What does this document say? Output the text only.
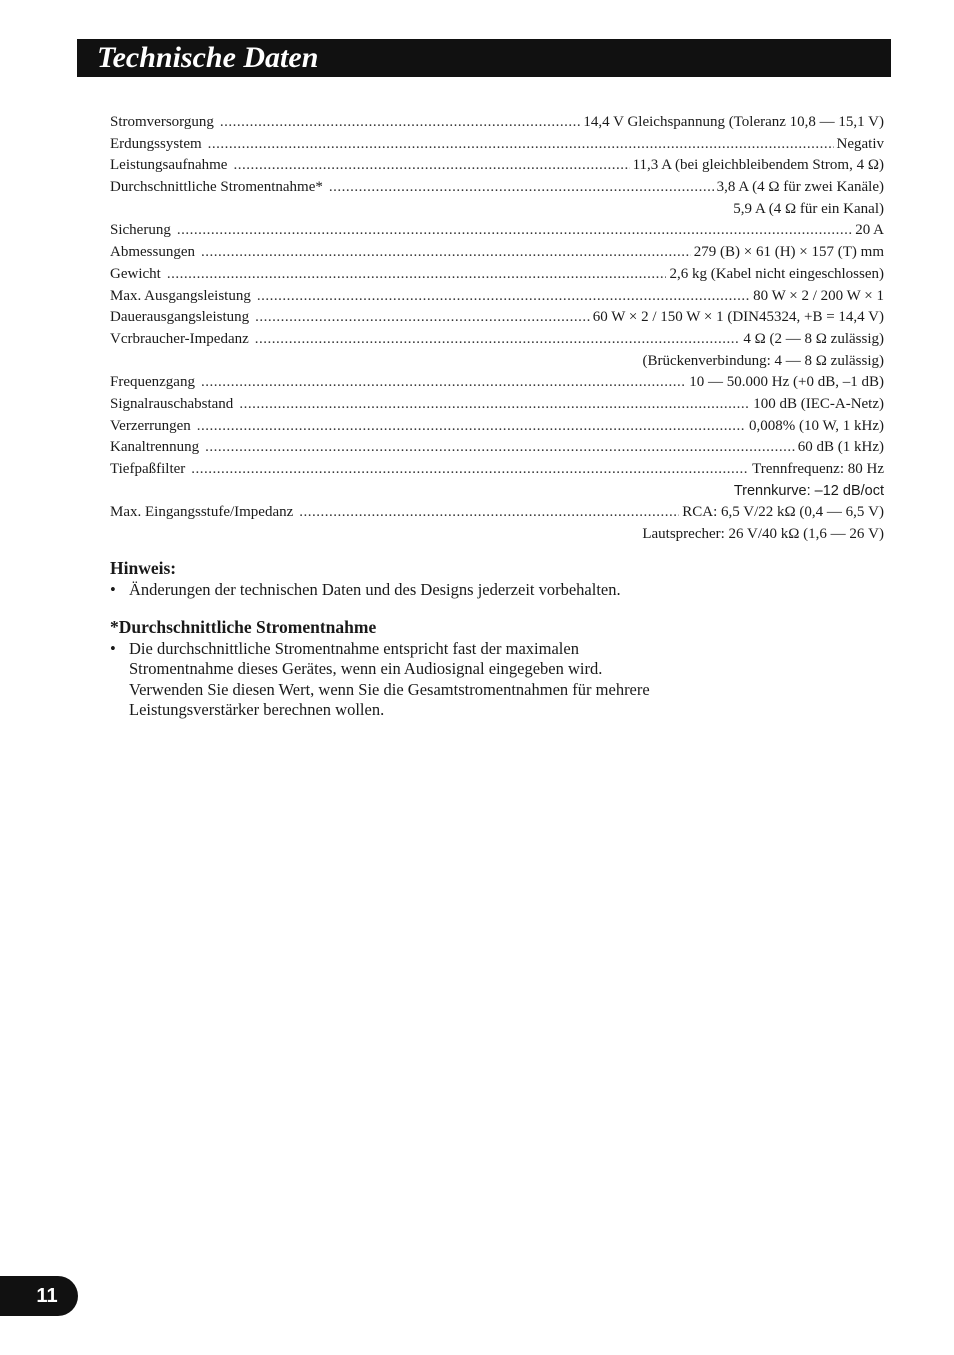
Technische Daten
Stromversorgung .....	14,4 V Gleichspannung (Toleranz 10,8 — 15,1 V)
Erdungssystem .....	Negativ
Leistungsaufnahme .....	11,3 A (bei gleichbleibendem Strom, 4 Ω)
Durchschnittliche Stromentnahme* .....	3,8 A (4 Ω für zwei Kanäle)
5,9 A (4 Ω für ein Kanal)
Sicherung .....	20 A
Abmessungen .....	279 (B) × 61 (H) × 157 (T) mm
Gewicht .....	2,6 kg (Kabel nicht eingeschlossen)
Max. Ausgangsleistung .....	80 W × 2 / 200 W × 1
Dauerausgangsleistung .....	60 W × 2 / 150 W × 1 (DIN45324, +B = 14,4 V)
Vcrbraucher-Impedanz .....	4 Ω (2 — 8 Ω zulässig)
(Brückenverbindung: 4 — 8 Ω zulässig)
Frequenzgang .....	10 — 50.000 Hz (+0 dB, –1 dB)
Signalrauschabstand .....	100 dB (IEC-A-Netz)
Verzerrungen .....	0,008% (10 W, 1 kHz)
Kanaltrennung .....	60 dB (1 kHz)
Tiefpaßfilter .....	Trennfrequenz: 80 Hz
Trennkurve: –12 dB/oct
Max. Eingangsstufe/Impedanz .....	RCA: 6,5 V/22 kΩ (0,4 — 6,5 V)
Lautsprecher: 26 V/40 kΩ (1,6 — 26 V)
Hinweis:
• Änderungen der technischen Daten und des Designs jederzeit vorbehalten.
*Durchschnittliche Stromentnahme
• Die durchschnittliche Stromentnahme entspricht fast der maximalen
Stromentnahme dieses Gerätes, wenn ein Audiosignal eingegeben wird.
Verwenden Sie diesen Wert, wenn Sie die Gesamtstromentnahmen für mehrere
Leistungsverstärker berechnen wollen.
11
